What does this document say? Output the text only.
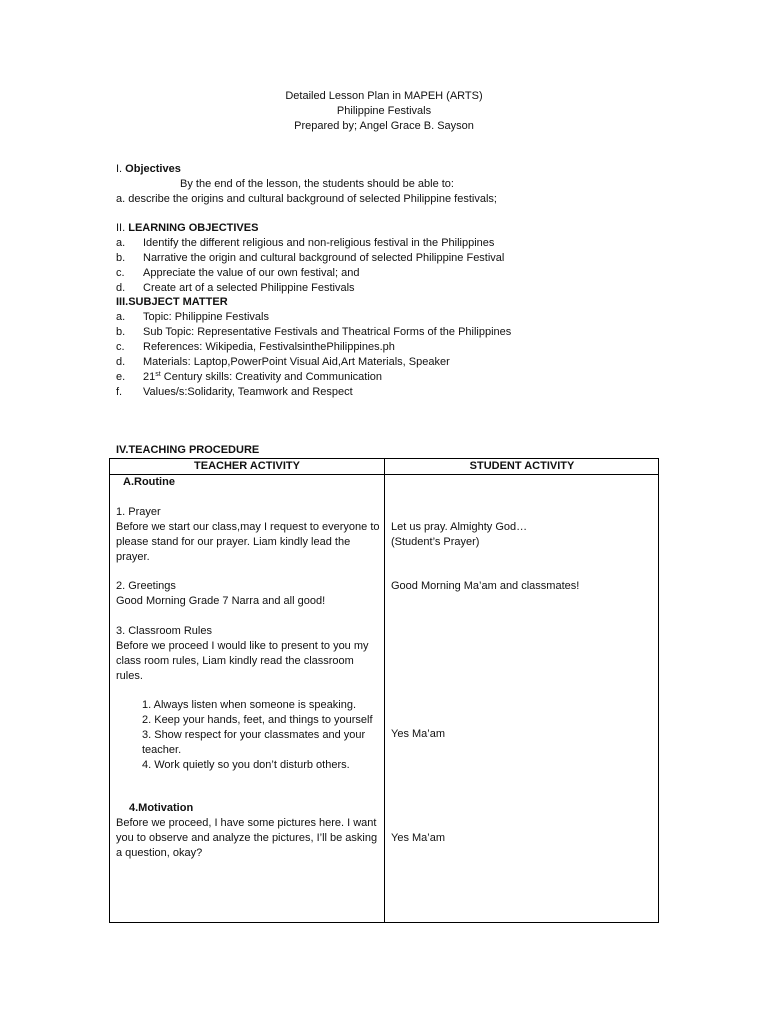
Detailed Lesson Plan in MAPEH (ARTS)
Philippine Festivals
Prepared by; Angel Grace B. Sayson
I. Objectives
By the end of the lesson, the students should be able to:
a. describe the origins and cultural background of selected Philippine festivals;
II. LEARNING OBJECTIVES
a. Identify the different religious and non-religious festival in the Philippines
b. Narrative the origin and cultural background of selected Philippine Festival
c. Appreciate the value of our own festival; and
d. Create art of a selected Philippine Festivals
III.SUBJECT MATTER
a. Topic: Philippine Festivals
b. Sub Topic: Representative Festivals and Theatrical Forms of the Philippines
c. References: Wikipedia, FestivalsinthePhilippines.ph
d. Materials: Laptop,PowerPoint Visual Aid,Art Materials, Speaker
e. 21st Century skills: Creativity and Communication
f. Values/s:Solidarity, Teamwork and Respect
IV.TEACHING PROCEDURE
TEACHER ACTIVITY	STUDENT ACTIVITY
A.Routine
1. Prayer
Before we start our class,may I request to everyone to please stand for our prayer. Liam kindly lead the prayer.
Let us pray. Almighty God…
(Student’s Prayer)
2. Greetings
Good Morning Grade 7 Narra and all good!
Good Morning Ma’am and classmates!
3. Classroom Rules
Before we proceed I would like to present to you my class room rules, Liam kindly read the classroom rules.
1. Always listen when someone is speaking.
2. Keep your hands, feet, and things to yourself
3. Show respect for your classmates and your teacher.
4. Work quietly so you don’t disturb others.
Yes Ma’am
4.Motivation
Before we proceed, I have some pictures here. I want you to observe and analyze the pictures, I’ll be asking a question, okay?
Yes Ma’am
